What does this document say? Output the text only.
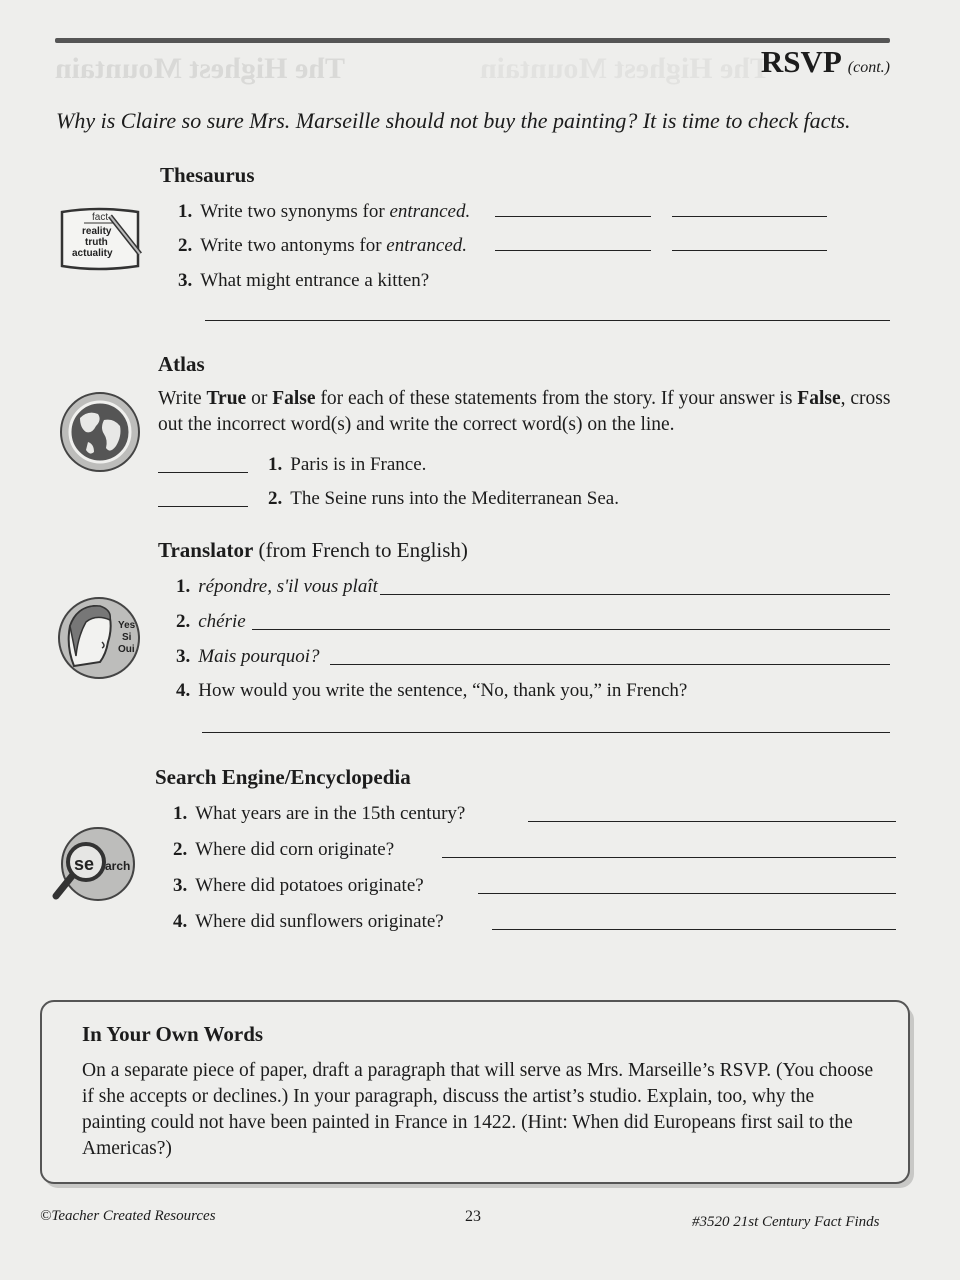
The Highest Mountain	The Highest Mountain
RSVP (cont.)
Why is Claire so sure Mrs. Marseille should not buy the painting? It is time to check facts.
Thesaurus
fact
reality
truth
actuality
1. Write two synonyms for entranced.
2. Write two antonyms for entranced.
3. What might entrance a kitten?
Atlas
Write True or False for each of these statements from the story. If your answer is False, cross out the incorrect word(s) and write the correct word(s) on the line.
1. Paris is in France.
2. The Seine runs into the Mediterranean Sea.
Translator (from French to English)
Yes
Si
Oui
1. répondre, s'il vous plaît
2. chérie
3. Mais pourquoi?
4. How would you write the sentence, “No, thank you,” in French?
Search Engine/Encyclopedia
se arch
1. What years are in the 15th century?
2. Where did corn originate?
3. Where did potatoes originate?
4. Where did sunflowers originate?
In Your Own Words
On a separate piece of paper, draft a paragraph that will serve as Mrs. Marseille’s RSVP. (You choose if she accepts or declines.) In your paragraph, discuss the artist’s studio. Explain, too, why the painting could not have been painted in France in 1422. (Hint: When did Europeans first sail to the Americas?)
©Teacher Created Resources	23	#3520 21st Century Fact Finds
